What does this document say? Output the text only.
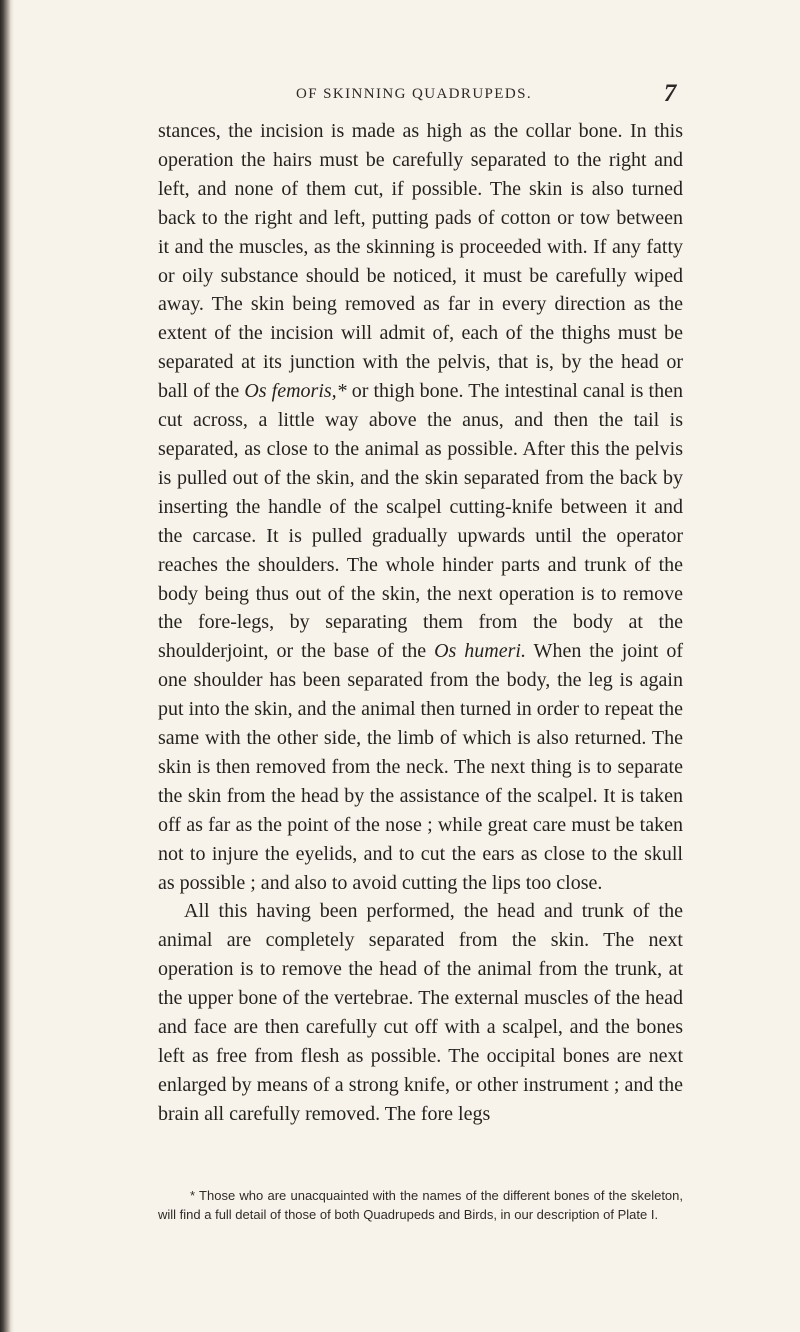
OF SKINNING QUADRUPEDS.	7

stances, the incision is made as high as the collar bone. In this operation the hairs must be carefully separated to the right and left, and none of them cut, if possible. The skin is also turned back to the right and left, putting pads of cotton or tow between it and the muscles, as the skinning is proceeded with. If any fatty or oily substance should be noticed, it must be carefully wiped away. The skin being removed as far in every direction as the extent of the incision will admit of, each of the thighs must be separated at its junction with the pelvis, that is, by the head or ball of the Os femoris,* or thigh bone. The intestinal canal is then cut across, a little way above the anus, and then the tail is separated, as close to the animal as possible. After this the pelvis is pulled out of the skin, and the skin separated from the back by inserting the handle of the scalpel cutting-knife between it and the carcase. It is pulled gradually upwards until the operator reaches the shoulders. The whole hinder parts and trunk of the body being thus out of the skin, the next operation is to remove the fore-legs, by separating them from the body at the shoulderjoint, or the base of the Os humeri. When the joint of one shoulder has been separated from the body, the leg is again put into the skin, and the animal then turned in order to repeat the same with the other side, the limb of which is also returned. The skin is then removed from the neck. The next thing is to separate the skin from the head by the assistance of the scalpel. It is taken off as far as the point of the nose ; while great care must be taken not to injure the eyelids, and to cut the ears as close to the skull as possible ; and also to avoid cutting the lips too close.

All this having been performed, the head and trunk of the animal are completely separated from the skin. The next operation is to remove the head of the animal from the trunk, at the upper bone of the vertebrae. The external muscles of the head and face are then carefully cut off with a scalpel, and the bones left as free from flesh as possible. The occipital bones are next enlarged by means of a strong knife, or other instrument ; and the brain all carefully removed. The fore legs

* Those who are unacquainted with the names of the different bones of the skeleton, will find a full detail of those of both Quadrupeds and Birds, in our description of Plate I.
